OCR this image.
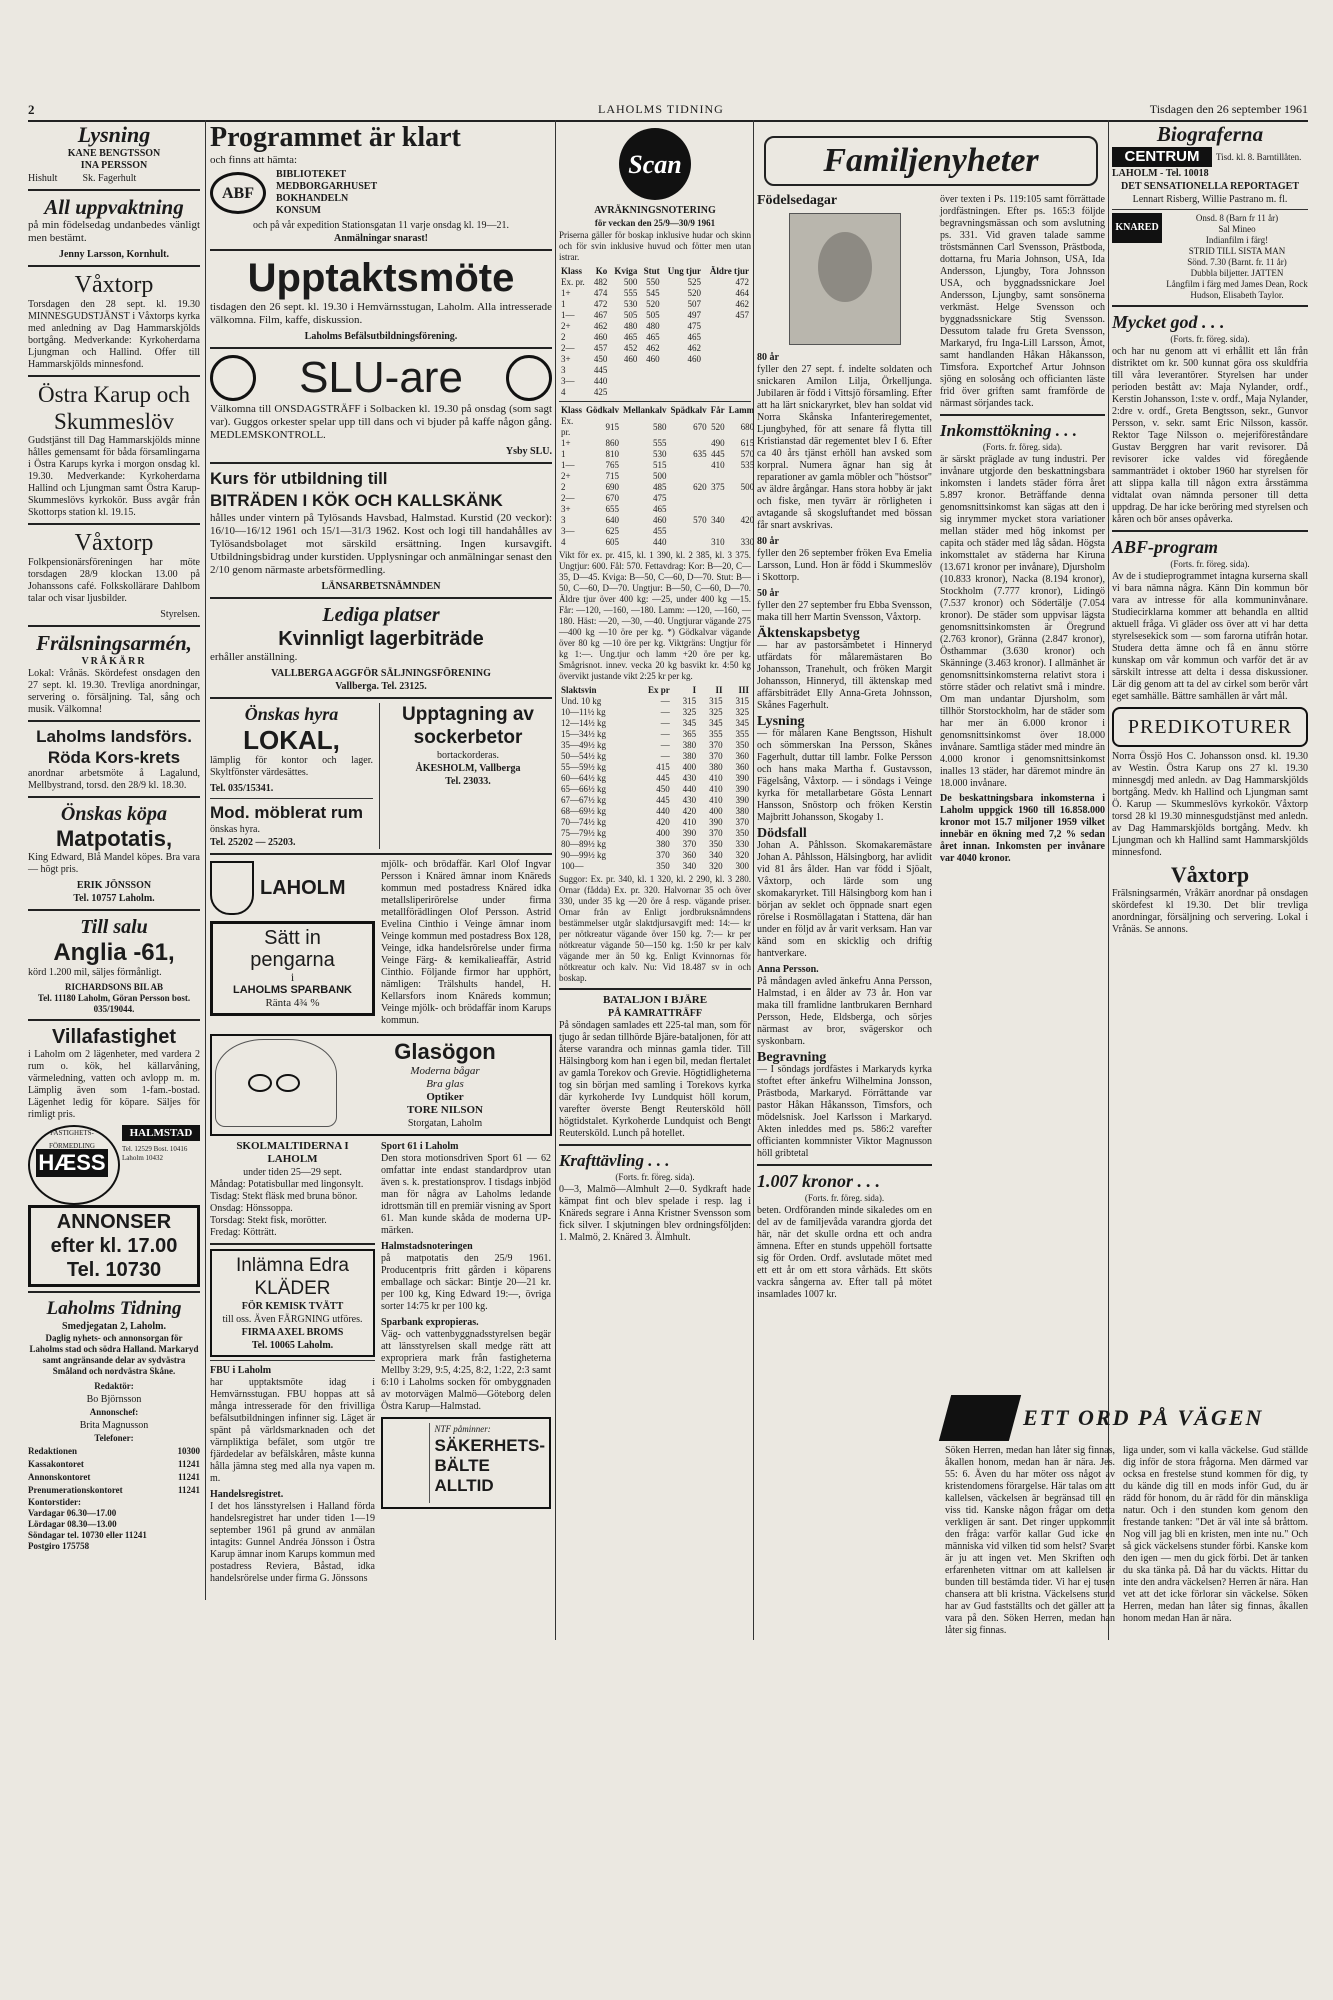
2	LAHOLMS TIDNING	Tisdagen den 26 september 1961
Lysning
KANE BENGTSSON
INA PERSSON
Hishult          Sk. Fagerhult
All uppvaktning

på min födelsedag undanbedes vänligt men bestämt.

Jenny Larsson, Kornhult.
Våxtorp

Torsdagen den 28 sept. kl. 19.30 MINNESGUDSTJÄNST i Våxtorps kyrka med anledning av Dag Hammarskjölds bortgång. Medverkande: Kyrkoherdarna Ljungman och Hallind. Offer till Hammarskjölds minnesfond.

Östra Karup och Skummeslöv

Gudstjänst till Dag Hammarskjölds minne hålles gemensamt för båda församlingarna i Östra Karups kyrka i morgon onsdag kl. 19.30. Medverkande: Kyrkoherdarna Hallind och Ljungman samt Östra Karup-Skummeslövs kyrkokör. Buss avgår från Skottorps station kl. 19.15.

Våxtorp

Folkpensionärsföreningen har möte torsdagen 28/9 klockan 13.00 på Johanssons café. Folkskollärare Dahlbom talar och visar ljusbilder.

Styrelsen.
Frälsningsarmén,
VRÅKÄRR

Lokal: Vrånäs. Skördefest onsdagen den 27 sept. kl. 19.30. Trevliga anordningar, servering o. försäljning. Tal, sång och musik. Välkomna!

Laholms landsförs. Röda Kors-krets

anordnar arbetsmöte å Lagalund, Mellbystrand, torsd. den 28/9 kl. 18.30.

Önskas köpa
Matpotatis,

King Edward, Blå Mandel köpes. Bra vara — högt pris.

ERIK JÖNSSON
Tel. 10757 Laholm.
Till salu
Anglia -61,

körd 1.200 mil, säljes förmånligt.

RICHARDSONS BIL AB
Tel. 11180 Laholm, Göran Persson bost. 035/19044.
Villafastighet

i Laholm om 2 lägenheter, med vardera 2 rum o. kök, hel källarvåning, värmeledning, vatten och avlopp m. m. Lämplig även som 1-fam.-bostad. Lägenhet ledig för köpare. Säljes för rimligt pris.

HÆSS
FASTIGHETS-FÖRMEDLING
HALMSTAD
Tel. 12529 Bost. 10416
Laholm 10432
ANNONSER
efter kl. 17.00
Tel. 10730
Laholms Tidning
Smedjegatan 2, Laholm.

Daglig nyhets- och annonsorgan för Laholms stad och södra Halland. Markaryd samt angränsande delar av sydvästra Småland och nordvästra Skåne.

Redaktör:
Bo Björnsson
Annonschef:
Brita Magnusson
Telefoner:
Redaktionen	10300
Kassakontoret	11241
Annonskontoret	11241
Prenumerationskontoret	11241
Kontorstider:
Vardagar 06.30—17.00
Lördagar 08.30—13.00
Söndagar tel. 10730 eller 11241
Postgiro 175758
Programmet är klart
och finns att hämta:
ABF
BIBLIOTEKET
MEDBORGARHUSET
BOKHANDELN
KONSUM
och på vår expedition Stationsgatan 11 varje onsdag kl. 19—21.
Anmälningar snarast!
Upptaktsmöte

tisdagen den 26 sept. kl. 19.30 i Hemvärnsstugan, Laholm. Alla intresserade välkomna. Film, kaffe, diskussion.

Laholms Befälsutbildningsförening.
SLU-are

Välkomna till ONSDAGSTRÄFF i Solbacken kl. 19.30 på onsdag (som sagt var). Guggos orkester spelar upp till dans och vi bjuder på kaffe någon gång. MEDLEMSKONTROLL.

Ysby SLU.
Kurs för utbildning till
BITRÄDEN I KÖK OCH KALLSKÄNK

hålles under vintern på Tylösands Havsbad, Halmstad. Kurstid (20 veckor): 16/10—16/12 1961 och 15/1—31/3 1962. Kost och logi till handahålles av Tylösandsbolaget mot särskild ersättning. Ingen kursavgift. Utbildningsbidrag under kurstiden. Upplysningar och anmälningar senast den 2/10 genom närmaste arbetsförmedling.

LÄNSARBETSNÄMNDEN
Lediga platser
Kvinnligt lagerbiträde

erhåller anställning.

VALLBERGA AGGFÖR SÄLJNINGSFÖRENING
Vallberga. Tel. 23125.
Önskas hyra
LOKAL,

lämplig för kontor och lager. Skyltfönster värdesättes.

Tel. 035/15341.
Mod. möblerat rum
önskas hyra.
Tel. 25202 — 25203.
Upptagning av sockerbetor
bortackorderas.
ÅKESHOLM, Vallberga
Tel. 23033.
LAHOLM
Sätt in
pengarna
i
LAHOLMS SPARBANK
Ränta 4¾ %

mjölk- och brödaffär. Karl Olof Ingvar Persson i Knäred ämnar inom Knäreds kommun med postadress Knäred idka metallsliperirörelse under firma metallförädlingen Olof Persson. Astrid Evelina Cinthio i Veinge ämnar inom Veinge kommun med postadress Box 128, Veinge, idka handelsrörelse under firma Veinge Färg- & kemikalieaffär, Astrid Cinthio. Följande firmor har upphört, nämligen: Trälshults handel, H. Kellarsfors inom Knäreds kommun; Veinge mjölk- och brödaffär inom Karups kommun.

Glasögon
Moderna bågar
Bra glas
Optiker
TORE NILSON
Storgatan, Laholm
SKOLMALTIDERNA I LAHOLM
under tiden 25—29 sept.
Måndag: Potatisbullar med lingonsylt.
Tisdag: Stekt fläsk med bruna bönor.
Onsdag: Hönssoppa.
Torsdag: Stekt fisk, morötter.
Fredag: Kötträtt.
Inlämna Edra KLÄDER
FÖR KEMISK TVÄTT
till oss. Även FÄRGNING utföres.
FIRMA AXEL BROMS
Tel. 10065 Laholm.
FBU i Laholm

har upptaktsmöte idag i Hemvärnsstugan. FBU hoppas att så många intresserade för den frivilliga befälsutbildningen infinner sig. Läget är spänt på världsmarknaden och det värnpliktiga befälet, som utgör tre fjärdedelar av befälskåren, måste kunna hålla jämna steg med alla nya vapen m. m.

Handelsregistret.

I det hos länsstyrelsen i Halland förda handelsregistret har under tiden 1—19 september 1961 på grund av anmälan intagits: Gunnel Andréa Jönsson i Östra Karup ämnar inom Karups kommun med postadress Reviera, Båstad, idka handelsrörelse under firma G. Jönssons

Sport 61 i Laholm

Den stora motionsdriven Sport 61 — 62 omfattar inte endast standardprov utan även s. k. prestationsprov. I tisdags inbjöd man för några av Laholms ledande idrottsmän till en premiär visning av Sport 61. Man kunde skåda de moderna UP-märken.

Halmstadsnoteringen

på matpotatis den 25/9 1961. Producentpris fritt gården i köparens emballage och säckar: Bintje 20—21 kr. per 100 kg, King Edward 19:—, övriga sorter 14:75 kr per 100 kg.

Sparbank expropieras.

Väg- och vattenbyggnadsstyrelsen begär att länsstyrelsen skall medge rätt att expropriera mark från fastigheterna Mellby 3:29, 9:5, 4:25, 8:2, 1:22, 2:3 samt 6:10 i Laholms socken för ombyggnaden av motorvägen Malmö—Göteborg delen Östra Karup—Halmstad.

NTF påminner:
SÄKERHETS-
BÄLTE
ALLTID
Scan
AVRÄKNINGSNOTERING
för veckan den 25/9—30/9 1961

Priserna gäller för boskap inklusive hudar och skinn och för svin inklusive huvud och fötter men utan istrar.

Klass	Ko	Kviga	Stut	Ung tjur	Äldre tjur
Ex. pr.	482	500	550	525	472
1+	474	555	545	520	464
1	472	530	520	507	462
1—	467	505	505	497	457
2+	462	480	480	475	
2	460	465	465	465	
2—	457	452	462	462	
3+	450	460	460	460	
3	445				
3—	440				
4	425				
Klass	Gödkalv	Mellankalv	Spädkalv	Får	Lamm
Ex. pr.	915	580	670	520	680
1+	860	555		490	615
1	810	530	635	445	570
1—	765	515		410	535
2+	715	500			
2	690	485	620	375	500
2—	670	475			
3+	655	465			
3	640	460	570	340	420
3—	625	455			
4	605	440		310	330

Vikt för ex. pr. 415, kl. 1 390, kl. 2 385, kl. 3 375. Ungtjur: 600. Fål: 570. Fettavdrag: Kor: B—20, C—35, D—45. Kviga: B—50, C—60, D—70. Stut: B—50, C—60, D—70. Ungtjur: B—50, C—60, D—70. Äldre tjur över 400 kg: —25, under 400 kg —15. Får: —120, —160, —180. Lamm: —120, —160, —180. Häst: —20, —30, —40. Ungtjurar vägande 275—400 kg —10 öre per kg. *) Gödkalvar vägande över 80 kg —10 öre per kg. Viktgräns: Ungtjur för kg 1:—. Ung.tjur och lamm +20 öre per kg. Smågrisnot. innev. vecka 20 kg basvikt kr. 4:50 kg övervikt justande vikt 2:25 kr per kg.

Slaktsvin	Ex pr	I	II	III
Und. 10 kg	—	315	315	315
10—11½ kg	—	325	325	325
12—14½ kg	—	345	345	345
15—34½ kg	—	365	355	355
35—49½ kg	—	380	370	350
50—54½ kg	—	380	370	360
55—59½ kg	415	400	380	360
60—64½ kg	445	430	410	390
65—66½ kg	450	440	410	390
67—67½ kg	445	430	410	390
68—69½ kg	440	420	400	380
70—74½ kg	420	410	390	370
75—79½ kg	400	390	370	350
80—89½ kg	380	370	350	330
90—99½ kg	370	360	340	320
100—	350	340	320	300

Suggor: Ex. pr. 340, kl. 1 320, kl. 2 290, kl. 3 280. Ornar (fådda) Ex. pr. 320. Halvornar 35 och över 330, under 35 kg —20 öre å resp. vägande priser. Ornar från av Enligt jordbruksnämndens bestämmelser utgår slaktdjursavgift med: 14:— kr per nötkreatur vägande över 150 kg. 7:— kr per nötkreatur vägande 50—150 kg. 1:50 kr per kalv vägande mer än 50 kg. Enligt Kvinnornas för nötkreatur och kalv. Nu: Vid 18.487 sv in och boskap.

BATALJON I BJÄRE
PÅ KAMRATTRÄFF

På söndagen samlades ett 225-tal man, som för tjugo år sedan tillhörde Bjäre-bataljonen, för att återse varandra och minnas gamla tider. Till Hälsingborg kom han i egen bil, medan flertalet av gamla Torekov och Grevie. Högtidligheterna tog sin början med samling i Torekovs kyrka där kyrkoherde Ivy Lundquist höll korum, varefter överste Bengt Reutersköld höll högtidstalet. Kyrkoherde Lundquist och Bengt Reutersköld. Lunch på hotellet.

Krafttävling . . .
(Forts. fr. föreg. sida).

0—3, Malmö—Almhult 2—0. Sydkraft hade kämpat fint och blev spelade i resp. lag i Knäreds segrare i Anna Kristner Svensson som fick silver. I skjutningen blev ordningsföljden: 1. Malmö, 2. Knäred 3. Älmhult.

Familjenyheter
Födelsedagar
80 år

fyller den 27 sept. f. indelte soldaten och snickaren Amilon Lilja, Örkelljunga. Jubilaren är född i Vittsjö församling. Efter att ha lärt snickaryrket, blev han soldat vid Norra Skånska Infanteriregementet, Ljungbyhed, för att senare få flytta till Kristianstad där regementet blev I 6. Efter ca 40 års tjänst erhöll han avsked som korpral. Numera ägnar han sig åt reparationer av gamla möbler och "höstsor" av äldre årgångar. Hans stora hobby är jakt och fiske, men tyvärr är rörligheten i avtagande så skogsluftandet med bössan får snart avskrivas.

80 år

fyller den 26 september fröken Eva Emelia Larsson, Lund. Hon är född i Skummeslöv i Skottorp.

50 år

fyller den 27 september fru Ebba Svensson, maka till herr Martin Svensson, Våxtorp.

Äktenskapsbetyg

— har av pastorsämbetet i Hinneryd utfärdats för målaremästaren Bo Johansson, Tranehult, och fröken Margit Johansson, Hinneryd, till äktenskap med affärsbiträdet Elly Anna-Greta Johnsson, Skånes Fagerhult.

Lysning

— för målaren Kane Bengtsson, Hishult och sömmerskan Ina Persson, Skånes Fagerhult, duttar till lambr. Folke Persson och hans maka Martha f. Gustavsson, Fägelsång, Våxtorp. — i söndags i Veinge kyrka för metallarbetare Gösta Lennart Hansson, Snöstorp och fröken Kerstin Majbritt Johansson, Skogaby 1.

Dödsfall

Johan A. Påhlsson. Skomakaremästare Johan A. Påhlsson, Hälsingborg, har avlidit vid 81 års ålder. Han var född i Sjöalt, Våxtorp, och lärde som ung skomakaryrket. Till Hälsingborg kom han i början av seklet och öppnade snart egen rörelse i Rosmöllagatan i Stattena, där han under en följd av år varit verksam. Han var känd som en skicklig och driftig hantverkare.

Anna Persson.

På måndagen avled änkefru Anna Persson, Halmstad, i en ålder av 73 år. Hon var maka till framlidne lantbrukaren Bernhard Persson, Hede, Eldsberga, och sörjes närmast av bror, svägerskor och syskonbarn.

Begravning

— I söndags jordfästes i Markaryds kyrka stoftet efter änkefru Wilhelmina Jonsson, Prästboda, Markaryd. Förrättande var pastor Håkan Håkansson, Timsfors, och mödelsnisk. Joel Karlsson i Markaryd. Akten inleddes med ps. 586:2 varefter officianten kommnister Viktor Magnusson höll gribtetal

1.007 kronor . . .
(Forts. fr. föreg. sida).

beten. Ordföranden minde sikaledes om en del av de familjevåda varandra gjorda det här, när det skulle ordna ett och andra ämnena. Efter en stunds uppehöll fortsatte sig för Orden. Ordf. avslutade mötet med ett ett år om ett stora vårhäds. Ett sköts vackra sångerna av. Efter tall på mötet insamlades 1007 kr.

över texten i Ps. 119:105 samt förrättade jordfästningen. Efter ps. 165:3 följde begravningsmässan och som avslutning ps. 331. Vid graven talade samme tröstsmännen Carl Svensson, Prästboda, dottarna, fru Maria Johnson, USA, Ida Andersson, Ljungby, Tora Johnsson USA, och byggnadssnickare Joel Andersson, Ljungby, samt sonsönerna verkmäst. Helge Svensson och byggnadssnickare Stig Svensson. Dessutom talade fru Greta Svensson, Markaryd, fru Inga-Lill Larsson, Åmot, samt handlanden Håkan Håkansson, Timsfora. Exportchef Artur Johnson sjöng en solosång och officianten läste frid över griften samt framförde de närmast sörjandes tack.

Inkomsttökning . . .
(Forts. fr. föreg. sida).

är särskt präglade av tung industri. Per invånare utgjorde den beskattningsbara inkomsten i landets städer förra året 5.897 kronor. Beträffande denna genomsnittsinkomst kan sägas att den i sig inrymmer mycket stora variationer mellan städer med hög inkomst per capita och städer med låg sådan. Högsta inkomsttalet av städerna har Kiruna (13.671 kronor per invånare), Djursholm (10.833 kronor), Nacka (8.194 kronor), Stockholm (7.777 kronor), Lidingö (7.537 kronor) och Södertälje (7.054 kronor). De städer som uppvisar lägsta genomsnittsinkomsten är Öregrund (2.763 kronor), Gränna (2.847 kronor), Östhammar (3.630 kronor) och Skänninge (3.463 kronor). I allmänhet är genomsnittsinkomsterna relativt stora i större städer och relativt små i mindre. Om man undantar Djursholm, som tillhör Storstockholm, har de städer som har mer än 6.000 kronor i genomsnittsinkomst över 18.000 invånare. Samtliga städer med mindre än 4.000 kronor i genomsnittsinkomst inalles 13 städer, har däremot mindre än 18.000 invånare.

De beskattningsbara inkomsterna i Laholm uppgick 1960 till 16.858.000 kronor mot 15.7 miljoner 1959 vilket innebär en ökning med 7,2 % sedan året innan. Inkomsten per invånare var 4040 kronor.

Biograferna
CENTRUM	Tisd. kl. 8. Barntillåten.
LAHOLM - Tel. 10018
DET SENSATIONELLA REPORTAGET
Lennart Risberg, Willie Pastrano m. fl.
KNARED
Onsd. 8 (Barn fr 11 år)
Sal Mineo
Indianfilm i färg!
STRID TILL SISTA MAN
Sönd. 7.30 (Barnt. fr. 11 år)
Dubbla biljetter. JATTEN
Långfilm i färg med James Dean, Rock Hudson, Elisabeth Taylor.
Mycket god . . .
(Forts. fr. föreg. sida).

och har nu genom att vi erhållit ett lån från distriktet om kr. 500 kunnat göra oss skuldfria till våra leverantörer. Styrelsen har under perioden bestått av: Maja Nylander, ordf., Kerstin Johansson, 1:ste v. ordf., Maja Nylander, 2:dre v. ordf., Greta Bengtsson, sekr., Gunvor Persson, v. sekr. samt Eric Nilsson, kassör. Rektor Tage Nilsson o. mejeriföreståndare Gustav Berggren har varit revisorer. Då revisorer icke valdes vid föregående sammanträdet i oktober 1960 har styrelsen för att slippa kalla till någon extra årsstämma vidtalat ovan nämnda personer till detta uppdrag. De har icke beröring med styrelsen och kåren och bör anses opåverka.

ABF-program
(Forts. fr. föreg. sida).

Av de i studieprogrammet intagna kurserna skall vi bara nämna några. Känn Din kommun bör vara av intresse för alla kommuninvånare. Studiecirklarna kommer att behandla en alltid aktuell fråga. Vi gläder oss över att vi har detta styrelsesekick som — som farorna utifrån hotar. Studera detta ämne och få en ännu större kunskap om vår kommun och varför det är av särskilt intresse att delta i dessa diskussioner. Lär dig genom att ta del av cirkel som berör vårt eget samhälle. Bättre samhällen är vårt mål.

PREDIKOTURER

Norra Össjö Hos C. Johansson onsd. kl. 19.30 av Westin. Östra Karup ons 27 kl. 19.30 minnesgdj med anledn. av Dag Hammarskjölds bortgång. Medv. kh Hallind och Ljungman samt Ö. Karup — Skummeslövs kyrkokör. Våxtorp torsd 28 kl 19.30 minnesgudstjänst med anledn. av Dag Hammarskjölds bortgång. Medv. kh Ljungman och kh Hallind samt Hammarskjölds minnesfond.

Våxtorp

Frälsningsarmén, Vråkärr anordnar på onsdagen skördefest kl 19.30. Det blir trevliga anordningar, försäljning och servering. Lokal i Vrånäs. Se annons.

ETT ORD PÅ VÄGEN

Söken Herren, medan han låter sig finnas, åkallen honom, medan han är nära. Jes. 55: 6. Även du har möter oss något av kristendomens förargelse. Här talas om att kallelsen, väckelsen är begränsad till en viss tid. Kanske någon frågar om detta verkligen är sant. Det ringer uppkommit den fråga: varför kallar Gud icke en människa vid vilken tid som helst? Svaret är ju att ingen vet. Men Skriften och erfarenheten vittnar om att kallelsen är bunden till bestämda tider. Vi har ej tusen chansera att bli kristna. Väckelsens stund har av Gud fastställts och det gäller att ta vara på den. Söken Herren, medan han låter sig finnas.

liga under, som vi kalla väckelse. Gud ställde dig inför de stora frågorna. Men därmed var ocksa en frestelse stund kommen för dig, ty du kände dig till en mods inför Gud, du är rädd för honom, du är rädd för din mänskliga natur. Och i den stunden kom genom den frestande tanken: "Det är väl inte så bråttom. Nog vill jag bli en kristen, men inte nu." Och så gick väckelsens stunder förbi. Kanske kom den igen — men du gick förbi. Det är tanken du ska tänka på. Då har du väckts. Hittar du inte den andra väckelsen? Herren är nära. Han vet att det icke förlorar sin väckelse. Söken Herren, medan han låter sig finnas, åkallen honom medan Han är nära.
